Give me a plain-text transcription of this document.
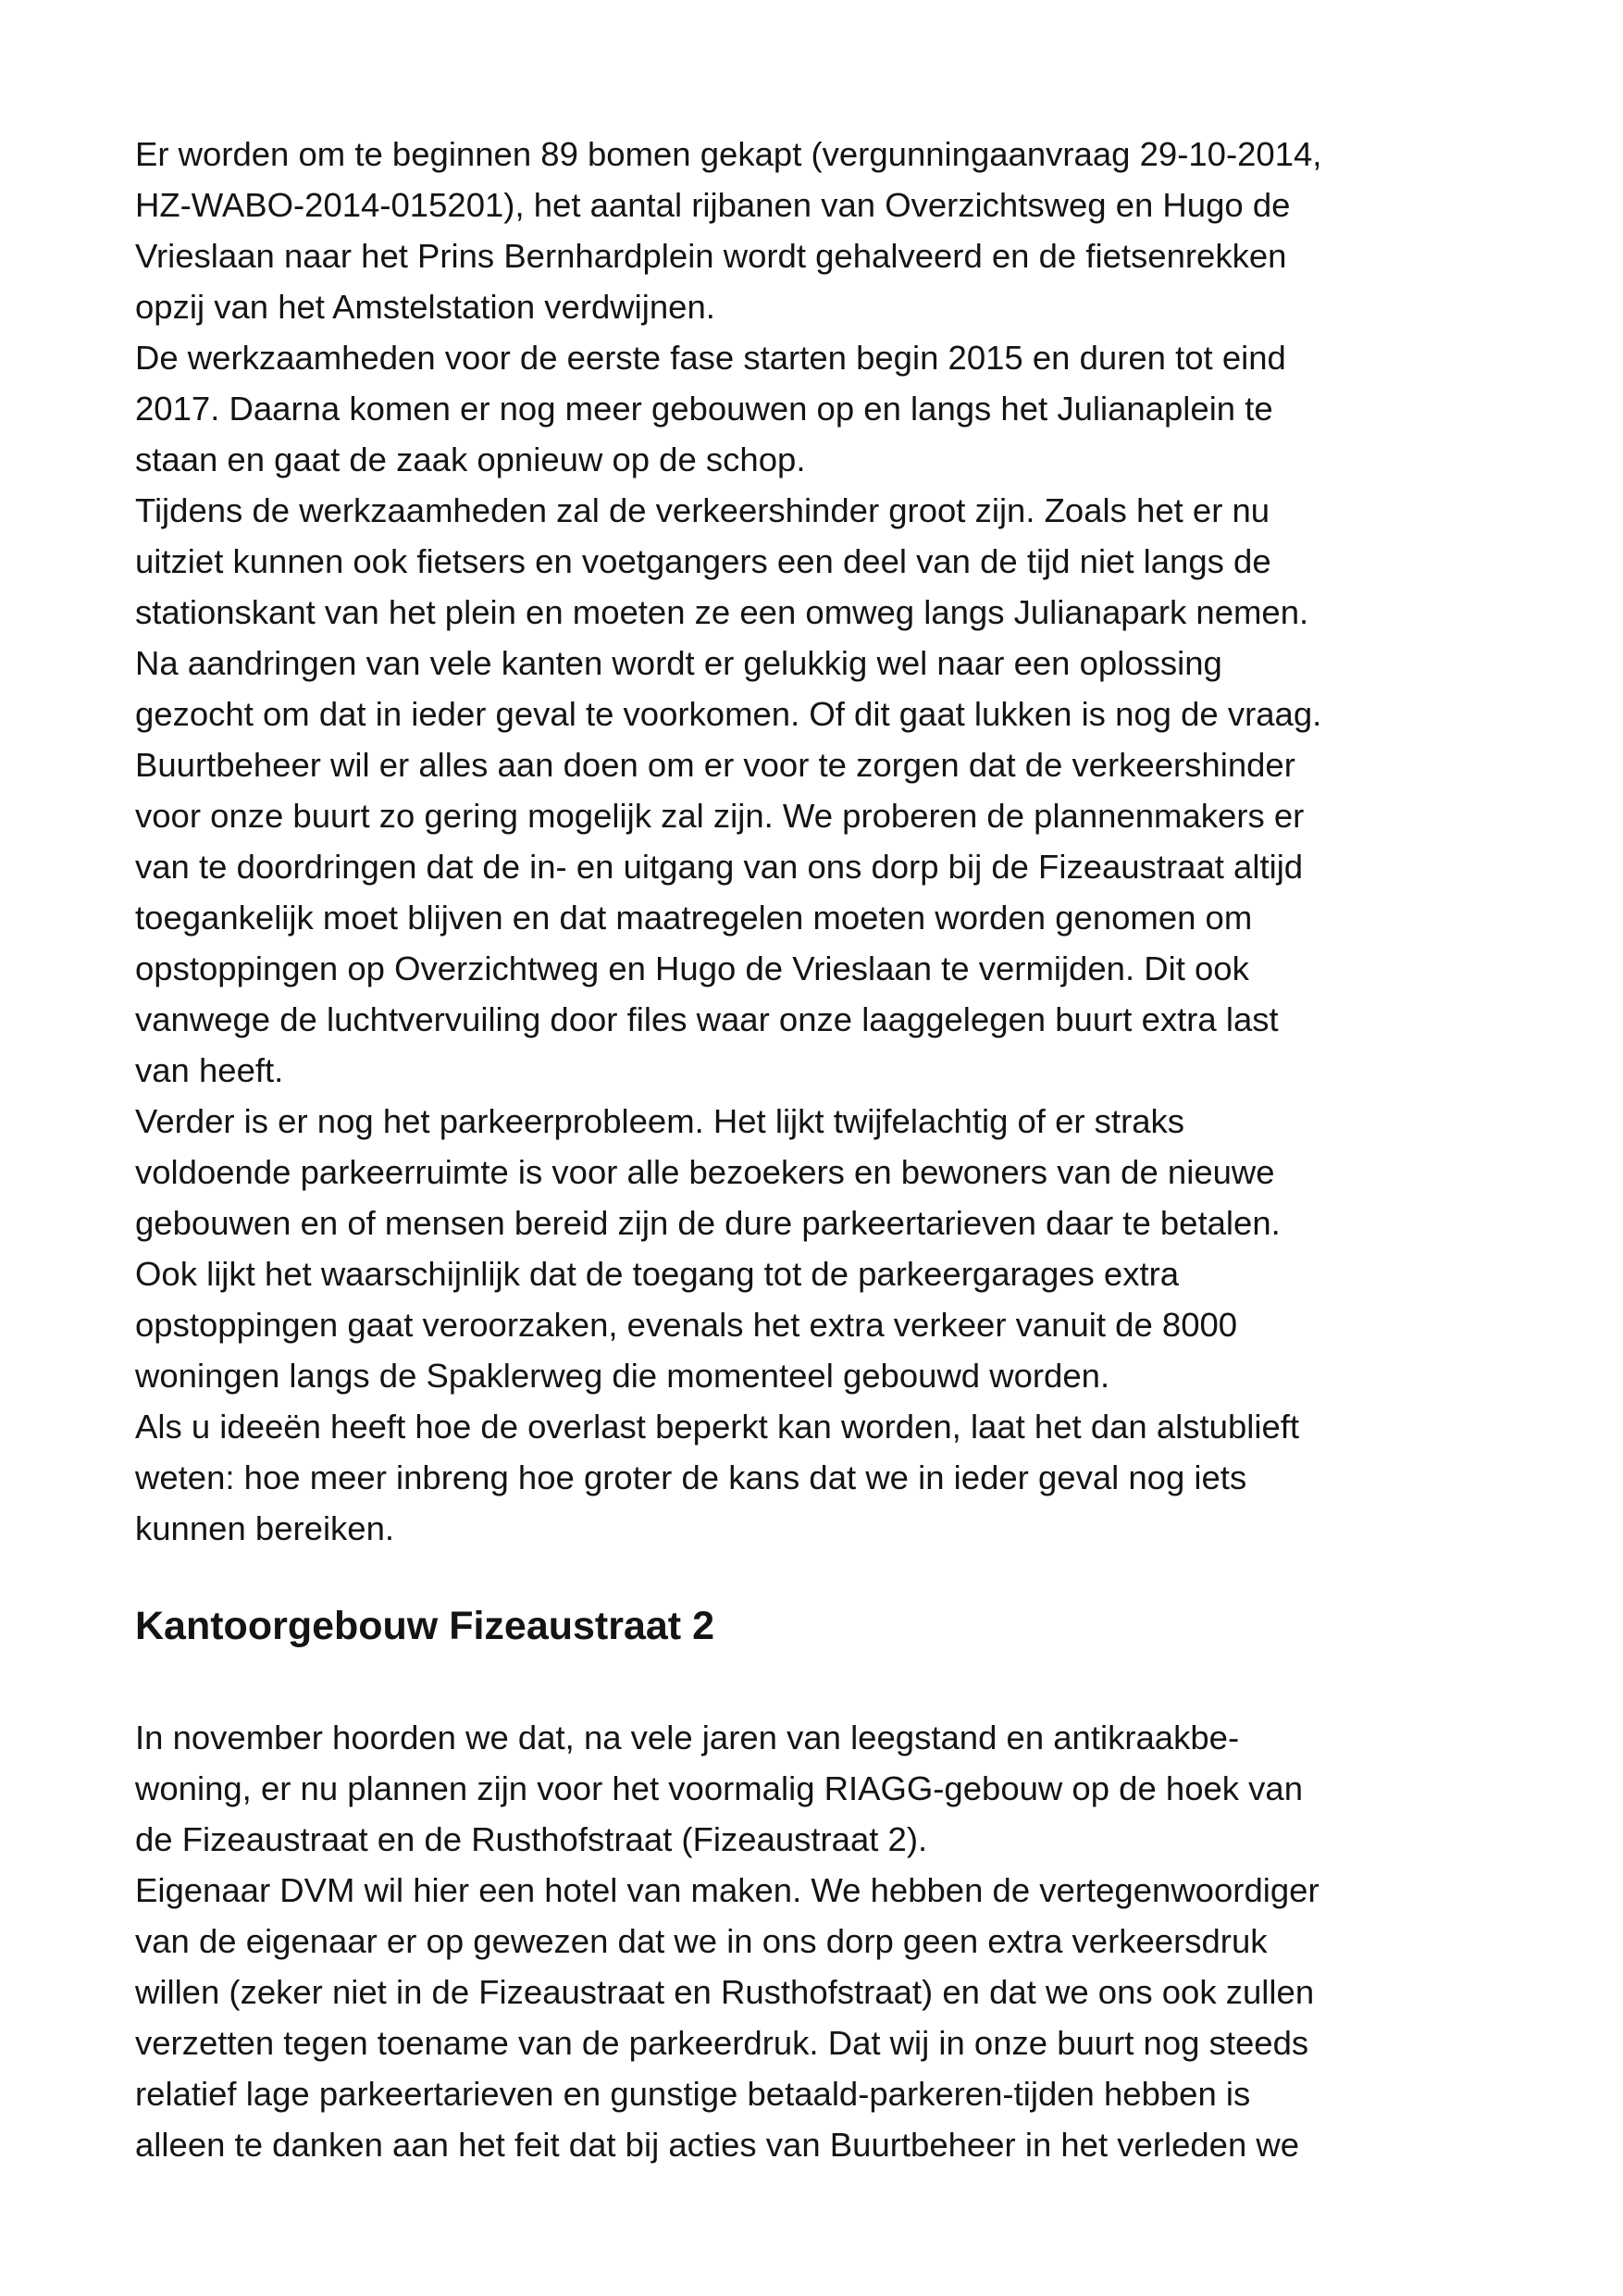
Er worden om te beginnen 89 bomen gekapt (vergunningaanvraag 29-10-2014,
HZ-WABO-2014-015201), het aantal rijbanen van Overzichtsweg en Hugo de
Vrieslaan naar het Prins Bernhardplein wordt gehalveerd en de fietsenrekken
opzij van het Amstelstation verdwijnen.
De werkzaamheden voor de eerste fase starten begin 2015 en duren tot eind
2017. Daarna komen er nog meer gebouwen op en langs het Julianaplein te
staan en gaat de zaak opnieuw op de schop.
Tijdens de werkzaamheden zal de verkeershinder groot zijn. Zoals het er nu
uitziet kunnen ook fietsers en voetgangers een deel van de tijd niet langs de
stationskant van het plein en moeten ze een omweg langs Julianapark nemen.
Na aandringen van vele kanten wordt er gelukkig wel naar een oplossing
gezocht om dat in ieder geval te voorkomen. Of dit gaat lukken is nog de vraag.
Buurtbeheer wil er alles aan doen om er voor te zorgen dat de verkeershinder
voor onze buurt zo gering mogelijk zal zijn. We proberen de plannenmakers er
van te doordringen dat de in- en uitgang van ons dorp bij de Fizeaustraat altijd
toegankelijk moet blijven en dat maatregelen moeten worden genomen om
opstoppingen op Overzichtweg en Hugo de Vrieslaan te vermijden. Dit ook
vanwege de luchtvervuiling door files waar onze laaggelegen buurt extra last
van heeft.
Verder is er nog het parkeerprobleem. Het lijkt twijfelachtig of er straks
voldoende parkeerruimte is voor alle bezoekers en bewoners van de nieuwe
gebouwen en of mensen bereid zijn de dure parkeertarieven daar te betalen.
Ook lijkt het waarschijnlijk dat de toegang tot de parkeergarages extra
opstoppingen gaat veroorzaken, evenals het extra verkeer vanuit de 8000
woningen langs de Spaklerweg die momenteel gebouwd worden.
Als u ideeën heeft hoe de overlast beperkt kan worden, laat het dan alstublieft
weten: hoe meer inbreng hoe groter de kans dat we in ieder geval nog iets
kunnen bereiken.
Kantoorgebouw Fizeaustraat 2
In november hoorden we dat, na vele jaren van leegstand en antikraakbe-
woning, er nu plannen zijn voor het voormalig RIAGG-gebouw op de hoek van
de Fizeaustraat en de Rusthofstraat (Fizeaustraat 2).
Eigenaar DVM wil hier een hotel van maken. We hebben de vertegenwoordiger
van de eigenaar er op gewezen dat we in ons dorp geen extra verkeersdruk
willen (zeker niet in de Fizeaustraat en Rusthofstraat) en dat we ons ook zullen
verzetten tegen toename van de parkeerdruk. Dat wij in onze buurt nog steeds
relatief lage parkeertarieven en gunstige betaald-parkeren-tijden hebben is
alleen te danken aan het feit dat bij acties van Buurtbeheer in het verleden we
